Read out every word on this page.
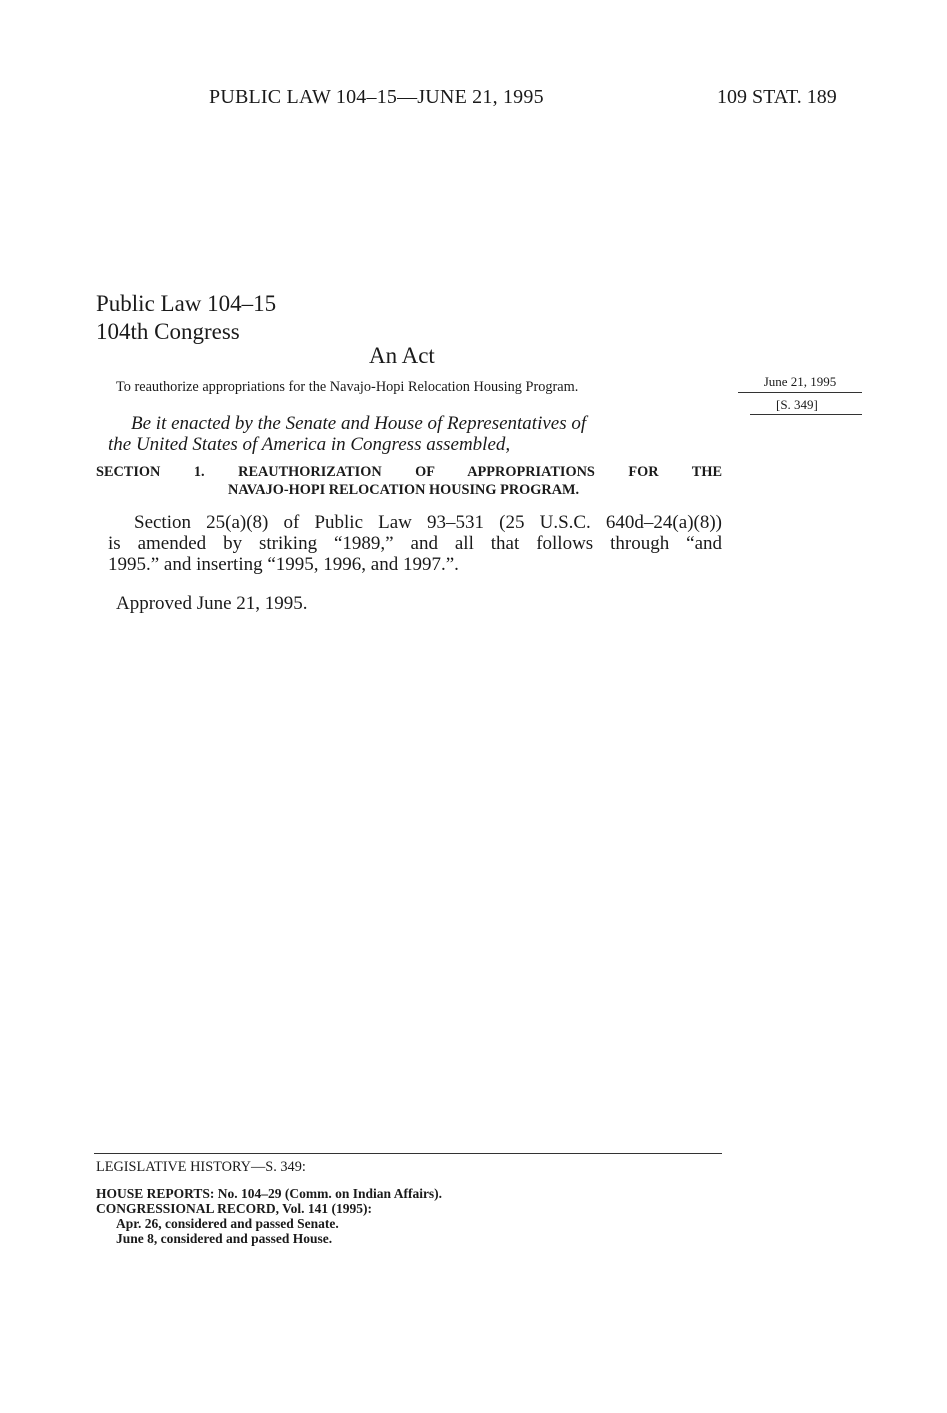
PUBLIC LAW 104–15—JUNE 21, 1995	109 STAT. 189
Public Law 104–15
104th Congress
An Act
To reauthorize appropriations for the Navajo-Hopi Relocation Housing Program.	June 21, 1995
[S. 349]
Be it enacted by the Senate and House of Representatives of
the United States of America in Congress assembled,
SECTION 1. REAUTHORIZATION OF APPROPRIATIONS FOR THE
NAVAJO-HOPI RELOCATION HOUSING PROGRAM.
Section 25(a)(8) of Public Law 93–531 (25 U.S.C. 640d–24(a)(8))
is amended by striking “1989,” and all that follows through “and
1995.” and inserting “1995, 1996, and 1997.”.
Approved June 21, 1995.
LEGISLATIVE HISTORY—S. 349:
HOUSE REPORTS: No. 104–29 (Comm. on Indian Affairs).
CONGRESSIONAL RECORD, Vol. 141 (1995):
Apr. 26, considered and passed Senate.
June 8, considered and passed House.
